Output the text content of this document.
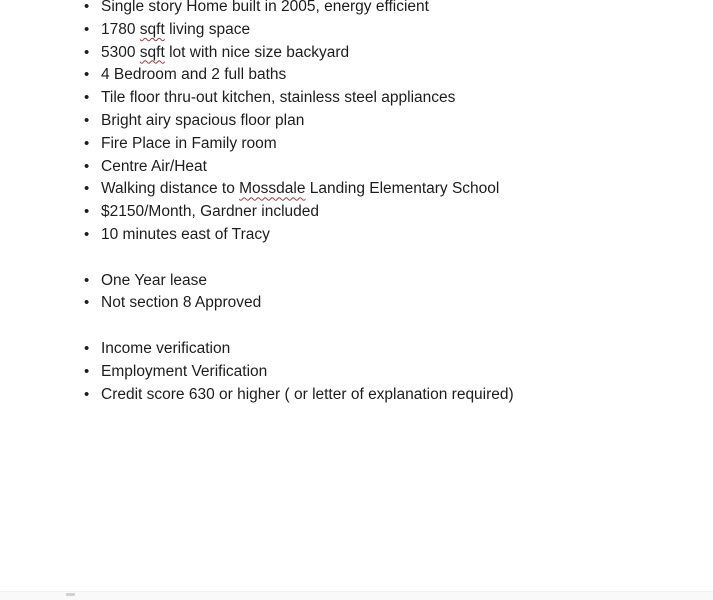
• Single story Home built in 2005, energy efficient
• 1780 sqft living space
• 5300 sqft lot with nice size backyard
• 4 Bedroom and 2 full baths
• Tile floor thru-out kitchen, stainless steel appliances
• Bright airy spacious floor plan
• Fire Place in Family room
• Centre Air/Heat
• Walking distance to Mossdale Landing Elementary School
• $2150/Month, Gardner included
• 10 minutes east of Tracy
• One Year lease
• Not section 8 Approved
• Income verification
• Employment Verification
• Credit score 630 or higher ( or letter of explanation required)
